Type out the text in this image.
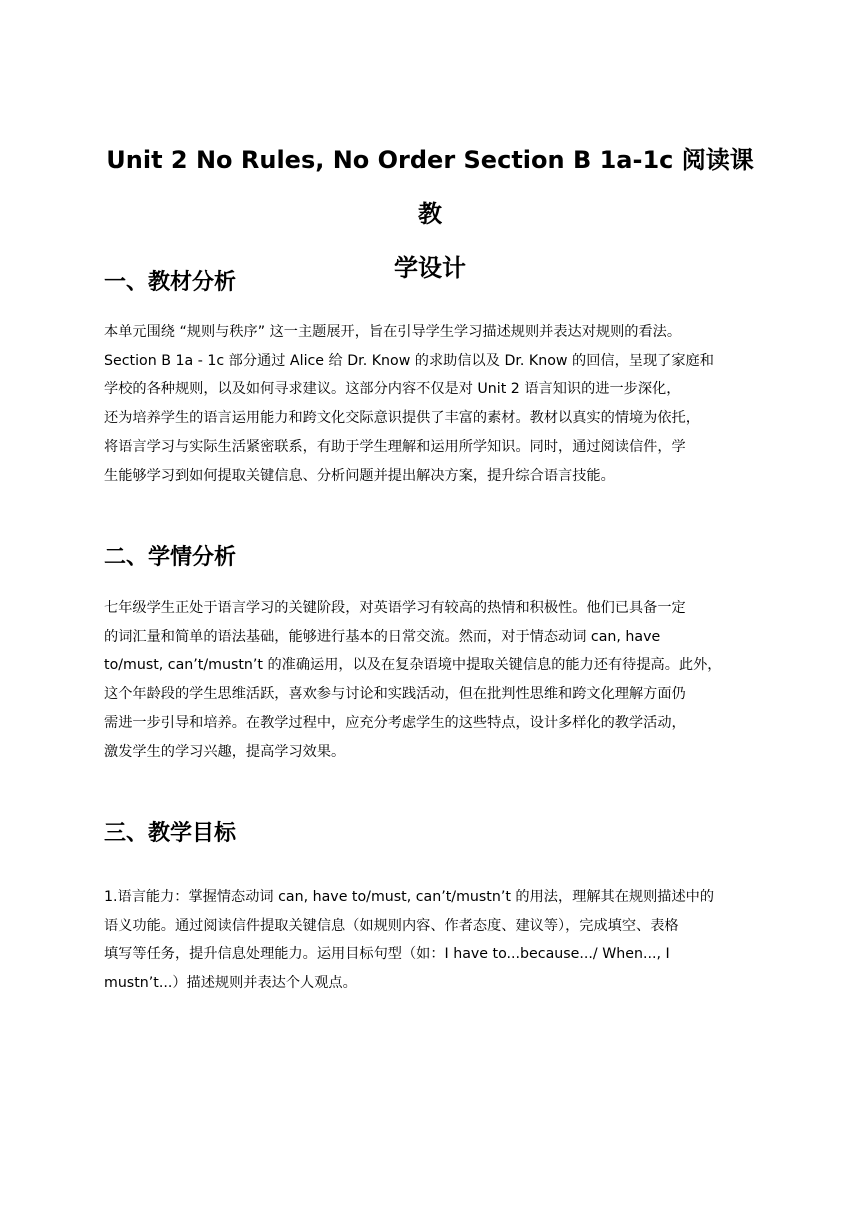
Unit 2 No Rules, No Order Section B 1a-1c 阅读课教
学设计
一、教材分析
本单元围绕 “规则与秩序” 这一主题展开，旨在引导学生学习描述规则并表达对规则的看法。
Section B 1a - 1c 部分通过 Alice 给 Dr. Know 的求助信以及 Dr. Know 的回信，呈现了家庭和
学校的各种规则，以及如何寻求建议。这部分内容不仅是对 Unit 2 语言知识的进一步深化，
还为培养学生的语言运用能力和跨文化交际意识提供了丰富的素材。教材以真实的情境为依托，
将语言学习与实际生活紧密联系，有助于学生理解和运用所学知识。同时，通过阅读信件，学
生能够学习到如何提取关键信息、分析问题并提出解决方案，提升综合语言技能。
二、学情分析
七年级学生正处于语言学习的关键阶段，对英语学习有较高的热情和积极性。他们已具备一定
的词汇量和简单的语法基础，能够进行基本的日常交流。然而，对于情态动词 can, have
to/must, can’t/mustn’t 的准确运用，以及在复杂语境中提取关键信息的能力还有待提高。此外，
这个年龄段的学生思维活跃，喜欢参与讨论和实践活动，但在批判性思维和跨文化理解方面仍
需进一步引导和培养。在教学过程中，应充分考虑学生的这些特点，设计多样化的教学活动，
激发学生的学习兴趣，提高学习效果。
三、教学目标
1.语言能力：掌握情态动词 can, have to/must, can’t/mustn’t 的用法，理解其在规则描述中的
语义功能。通过阅读信件提取关键信息（如规则内容、作者态度、建议等），完成填空、表格
填写等任务，提升信息处理能力。运用目标句型（如：I have to...because.../ When..., I
mustn’t...）描述规则并表达个人观点。
